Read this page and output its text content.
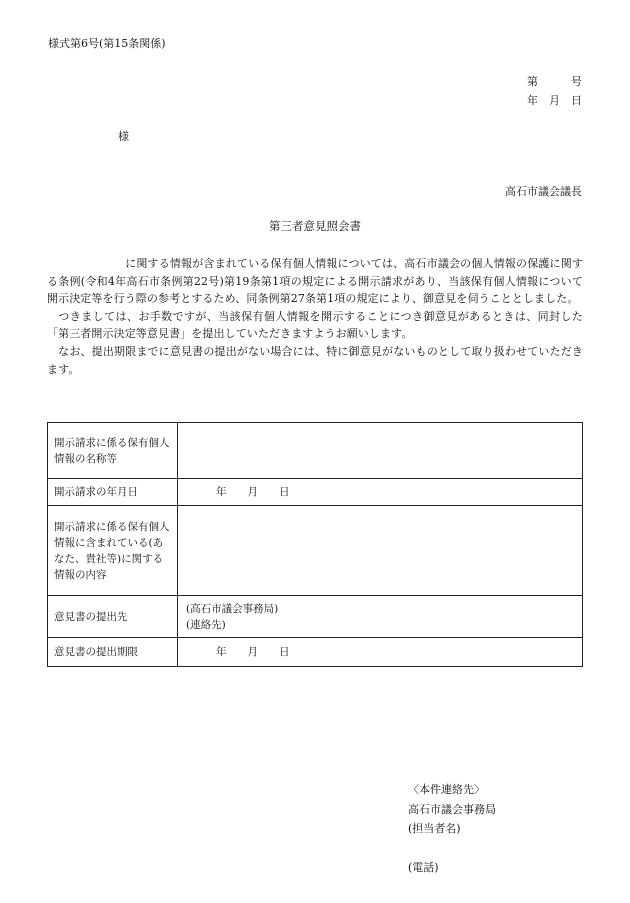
様式第6号(第15条関係)
第　　　号
年　月　日
様
高石市議会議長
第三者意見照会書

　　　　　　　に関する情報が含まれている保有個人情報については、高石市議会の個人情報の保護に関する条例(令和4年高石市条例第22号)第19条第1項の規定による開示請求があり、当該保有個人情報について開示決定等を行う際の参考とするため、同条例第27条第1項の規定により、御意見を伺うこととしました。

　つきましては、お手数ですが、当該保有個人情報を開示することにつき御意見があるときは、同封した「第三者開示決定等意見書」を提出していただきますようお願いします。

　なお、提出期限までに意見書の提出がない場合には、特に御意見がないものとして取り扱わせていただきます。

開示請求に係る保有個人情報の名称等	
開示請求の年月日	年　　月　　日
開示請求に係る保有個人情報に含まれている(あなた、貴社等)に関する情報の内容	
意見書の提出先	(高石市議会事務局)
(連絡先)

意見書の提出期限	年　　月　　日
〈本件連絡先〉
高石市議会事務局
(担当者名)
(電話)
